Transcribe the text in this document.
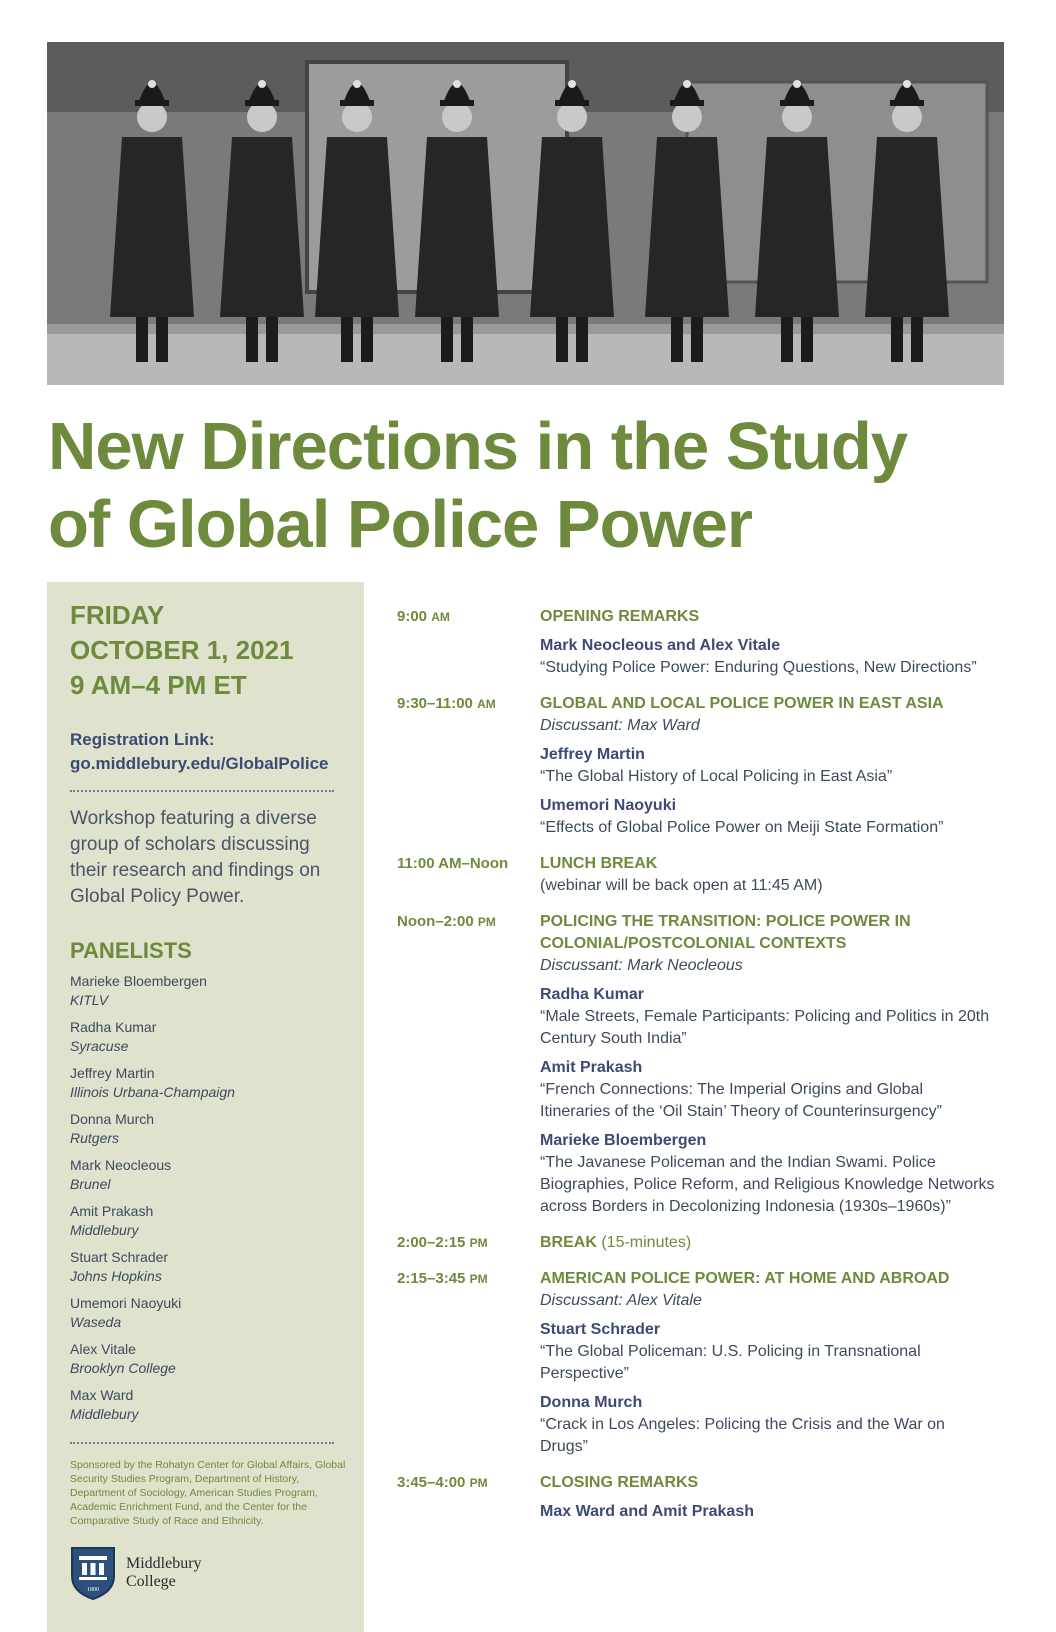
New Directions in the Study
of Global Police Power

FRIDAY

OCTOBER 1, 2021

9 AM–4 PM ET

Registration Link:
go.middlebury.edu/GlobalPolice

Workshop featuring a diverse group of scholars discussing their research and findings on Global Policy Power.

PANELISTS
Marieke Bloembergen
KITLV
Radha Kumar
Syracuse
Jeffrey Martin
Illinois Urbana-Champaign
Donna Murch
Rutgers
Mark Neocleous
Brunel
Amit Prakash
Middlebury
Stuart Schrader
Johns Hopkins
Umemori Naoyuki
Waseda
Alex Vitale
Brooklyn College
Max Ward
Middlebury

Sponsored by the Rohatyn Center for Global Affairs, Global Security Studies Program, Department of History, Department of Sociology, American Studies Program, Academic Enrichment Fund, and the Center for the Comparative Study of Race and Ethnicity.

1800
Middlebury
College
9:00 AM	OPENING REMARKS
Mark Neocleous and Alex Vitale
“Studying Police Power: Enduring Questions, New Directions”
9:30–11:00 AM	GLOBAL AND LOCAL POLICE POWER IN EAST ASIA
Discussant: Max Ward
Jeffrey Martin
“The Global History of Local Policing in East Asia”
Umemori Naoyuki
“Effects of Global Police Power on Meiji State Formation”
11:00 AM–Noon	LUNCH BREAK
(webinar will be back open at 11:45 AM)
Noon–2:00 PM	POLICING THE TRANSITION: POLICE POWER IN COLONIAL/POSTCOLONIAL CONTEXTS
Discussant: Mark Neocleous
Radha Kumar
“Male Streets, Female Participants: Policing and Politics in 20th Century South India”
Amit Prakash
“French Connections: The Imperial Origins and Global Itineraries of the ‘Oil Stain’ Theory of Counterinsurgency”
Marieke Bloembergen
“The Javanese Policeman and the Indian Swami. Police Biographies, Police Reform, and Religious Knowledge Networks across Borders in Decolonizing Indonesia (1930s–1960s)”
2:00–2:15 PM	BREAK (15-minutes)
2:15–3:45 PM	AMERICAN POLICE POWER: AT HOME AND ABROAD
Discussant: Alex Vitale
Stuart Schrader
“The Global Policeman: U.S. Policing in Transnational Perspective”
Donna Murch
“Crack in Los Angeles: Policing the Crisis and the War on Drugs”
3:45–4:00 PM	CLOSING REMARKS
Max Ward and Amit Prakash
